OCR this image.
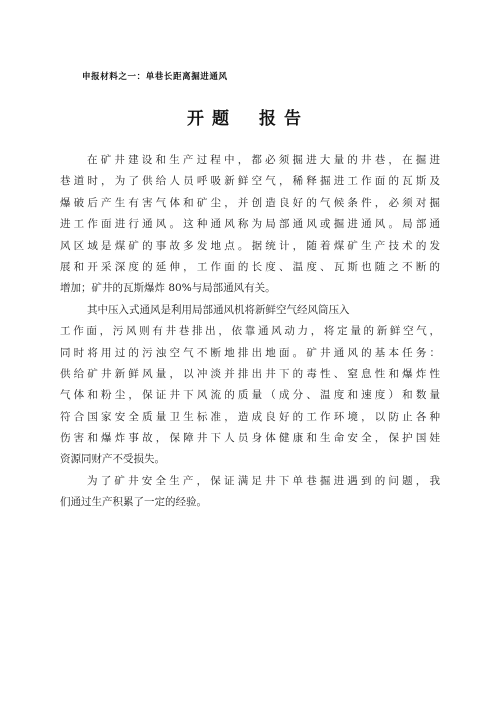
申报材料之一：单巷长距离掘进通风
开题 报告
在矿井建设和生产过程中，都必须掘进大量的井巷，在掘进
巷道时，为了供给人员呼吸新鲜空气，稀释掘进工作面的瓦斯及
爆破后产生有害气体和矿尘，并创造良好的气候条件，必须对掘
进工作面进行通风。这种通风称为局部通风或掘进通风。局部通
风区域是煤矿的事故多发地点。据统计，随着煤矿生产技术的发
展和开采深度的延伸，工作面的长度、温度、瓦斯也随之不断的
增加；矿井的瓦斯爆炸 80%与局部通风有关。
其中压入式通风是利用局部通风机将新鲜空气经风筒压入
工作面，污风则有井巷排出，依靠通风动力，将定量的新鲜空气，
同时将用过的污浊空气不断地排出地面。矿井通风的基本任务：
供给矿井新鲜风量，以冲淡并排出井下的毒性、窒息性和爆炸性
气体和粉尘，保证井下风流的质量（成分、温度和速度）和数量
符合国家安全质量卫生标准，造成良好的工作环境，以防止各种
伤害和爆炸事故，保障井下人员身体健康和生命安全，保护国娃
资源同财产不受损失。
为了矿井安全生产，保证满足井下单巷掘进遇到的问题，我
们通过生产积累了一定的经验。
